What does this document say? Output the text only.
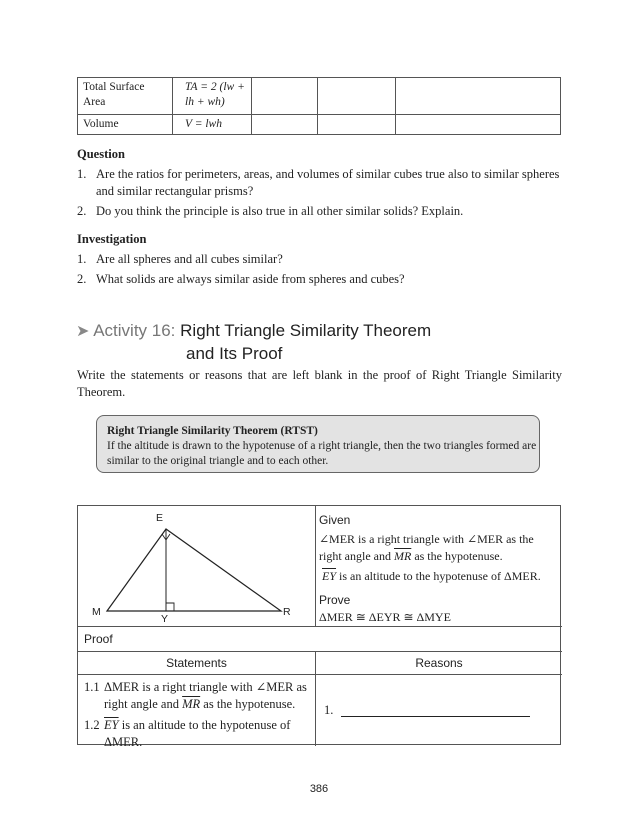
Total Surface Area	TA = 2 (lw + lh + wh)			
Volume	V = lwh			
Question
1. Are the ratios for perimeters, areas, and volumes of similar cubes true also to similar spheres and similar rectangular prisms?
2. Do you think the principle is also true in all other similar solids? Explain.
Investigation
1. Are all spheres and all cubes similar?
2. What solids are always similar aside from spheres and cubes?
➤ Activity 16: Right Triangle Similarity Theorem
and Its Proof
Write the statements or reasons that are left blank in the proof of Right Triangle Similarity Theorem.
Right Triangle Similarity Theorem (RTST)
If the altitude is drawn to the hypotenuse of a right triangle, then the two triangles formed are similar to the original triangle and to each other.
E
M	R
Y
Given
∠MER is a right triangle with ∠MER as the
right angle and $\overline{MR}$ as the hypotenuse.
$\overline{EY}$ is an altitude to the hypotenuse of ΔMER.
Prove
ΔMER ≅ ΔEYR ≅ ΔMYE
Proof
Statements	Reasons
1.1 ΔMER is a right triangle with ∠MER as
right angle and $\overline{MR}$ as the hypotenuse.
1.2 $\overline{EY}$ is an altitude to the hypotenuse of
ΔMER.
1.
386
